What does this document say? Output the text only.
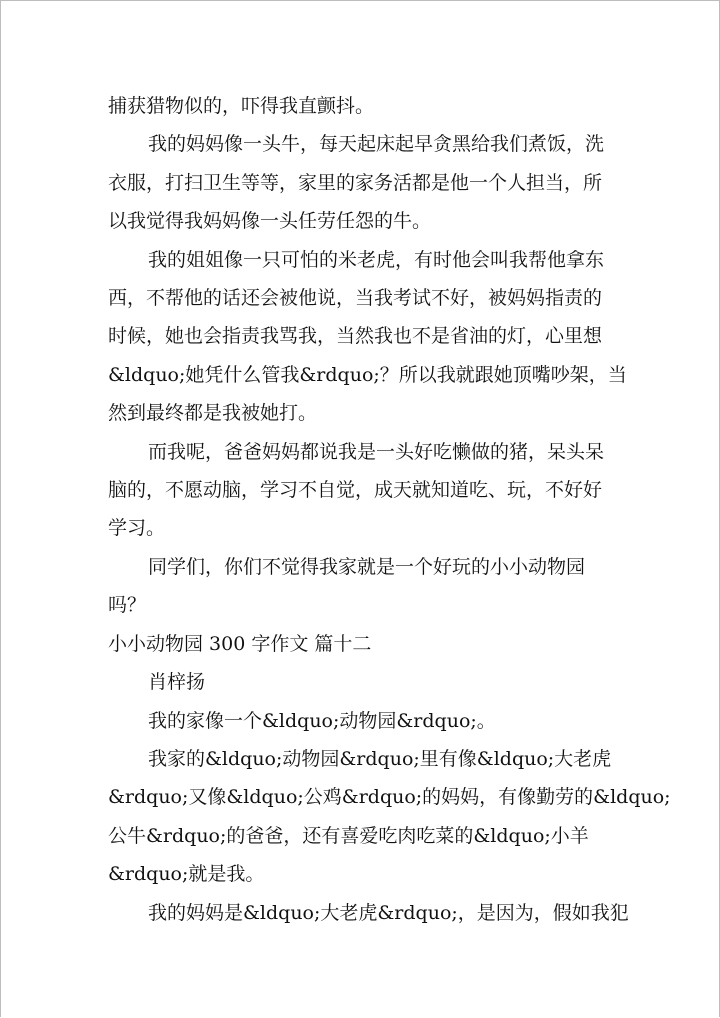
捕获猎物似的，吓得我直颤抖。

我的妈妈像一头牛，每天起床起早贪黑给我们煮饭，洗

衣服，打扫卫生等等，家里的家务活都是他一个人担当，所

以我觉得我妈妈像一头任劳任怨的牛。

我的姐姐像一只可怕的米老虎，有时他会叫我帮他拿东

西，不帮他的话还会被他说，当我考试不好，被妈妈指责的

时候，她也会指责我骂我，当然我也不是省油的灯，心里想

&ldquo;她凭什么管我&rdquo;？所以我就跟她顶嘴吵架，当

然到最终都是我被她打。

而我呢，爸爸妈妈都说我是一头好吃懒做的猪，呆头呆

脑的，不愿动脑，学习不自觉，成天就知道吃、玩，不好好

学习。

同学们，你们不觉得我家就是一个好玩的小小动物园

吗？

小小动物园 300 字作文 篇十二

肖梓扬

我的家像一个&ldquo;动物园&rdquo;。

我家的&ldquo;动物园&rdquo;里有像&ldquo;大老虎

&rdquo;又像&ldquo;公鸡&rdquo;的妈妈，有像勤劳的&ldquo;

公牛&rdquo;的爸爸，还有喜爱吃肉吃菜的&ldquo;小羊

&rdquo;就是我。

我的妈妈是&ldquo;大老虎&rdquo;，是因为，假如我犯
